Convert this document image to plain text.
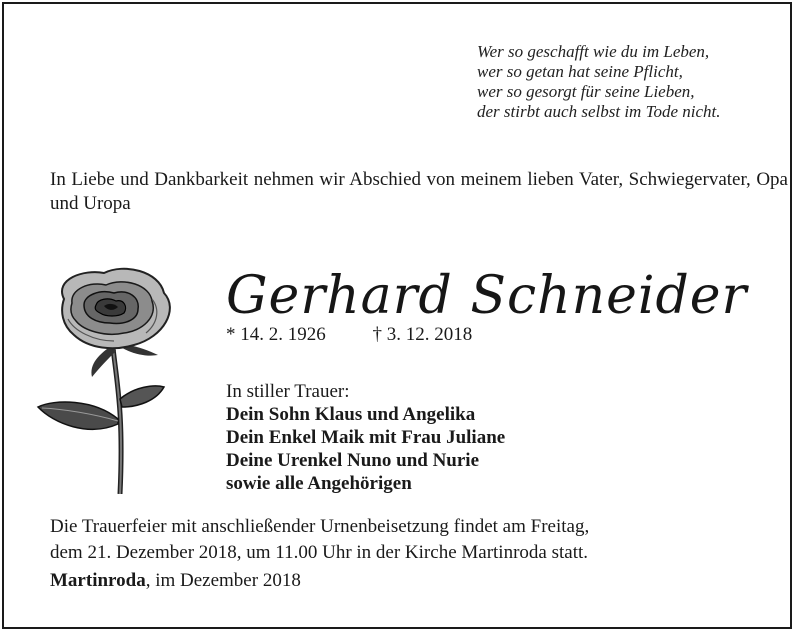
Wer so geschafft wie du im Leben,
wer so getan hat seine Pflicht,
wer so gesorgt für seine Lieben,
der stirbt auch selbst im Tode nicht.
In Liebe und Dankbarkeit nehmen wir Abschied von meinem lieben Vater, Schwiegervater, Opa und Uropa
Gerhard Schneider
* 14. 2. 1926 † 3. 12. 2018
In stiller Trauer:
Dein Sohn Klaus und Angelika
Dein Enkel Maik mit Frau Juliane
Deine Urenkel Nuno und Nurie
sowie alle Angehörigen
Die Trauerfeier mit anschließender Urnenbeisetzung findet am Freitag,
dem 21. Dezember 2018, um 11.00 Uhr in der Kirche Martinroda statt.
Martinroda, im Dezember 2018
